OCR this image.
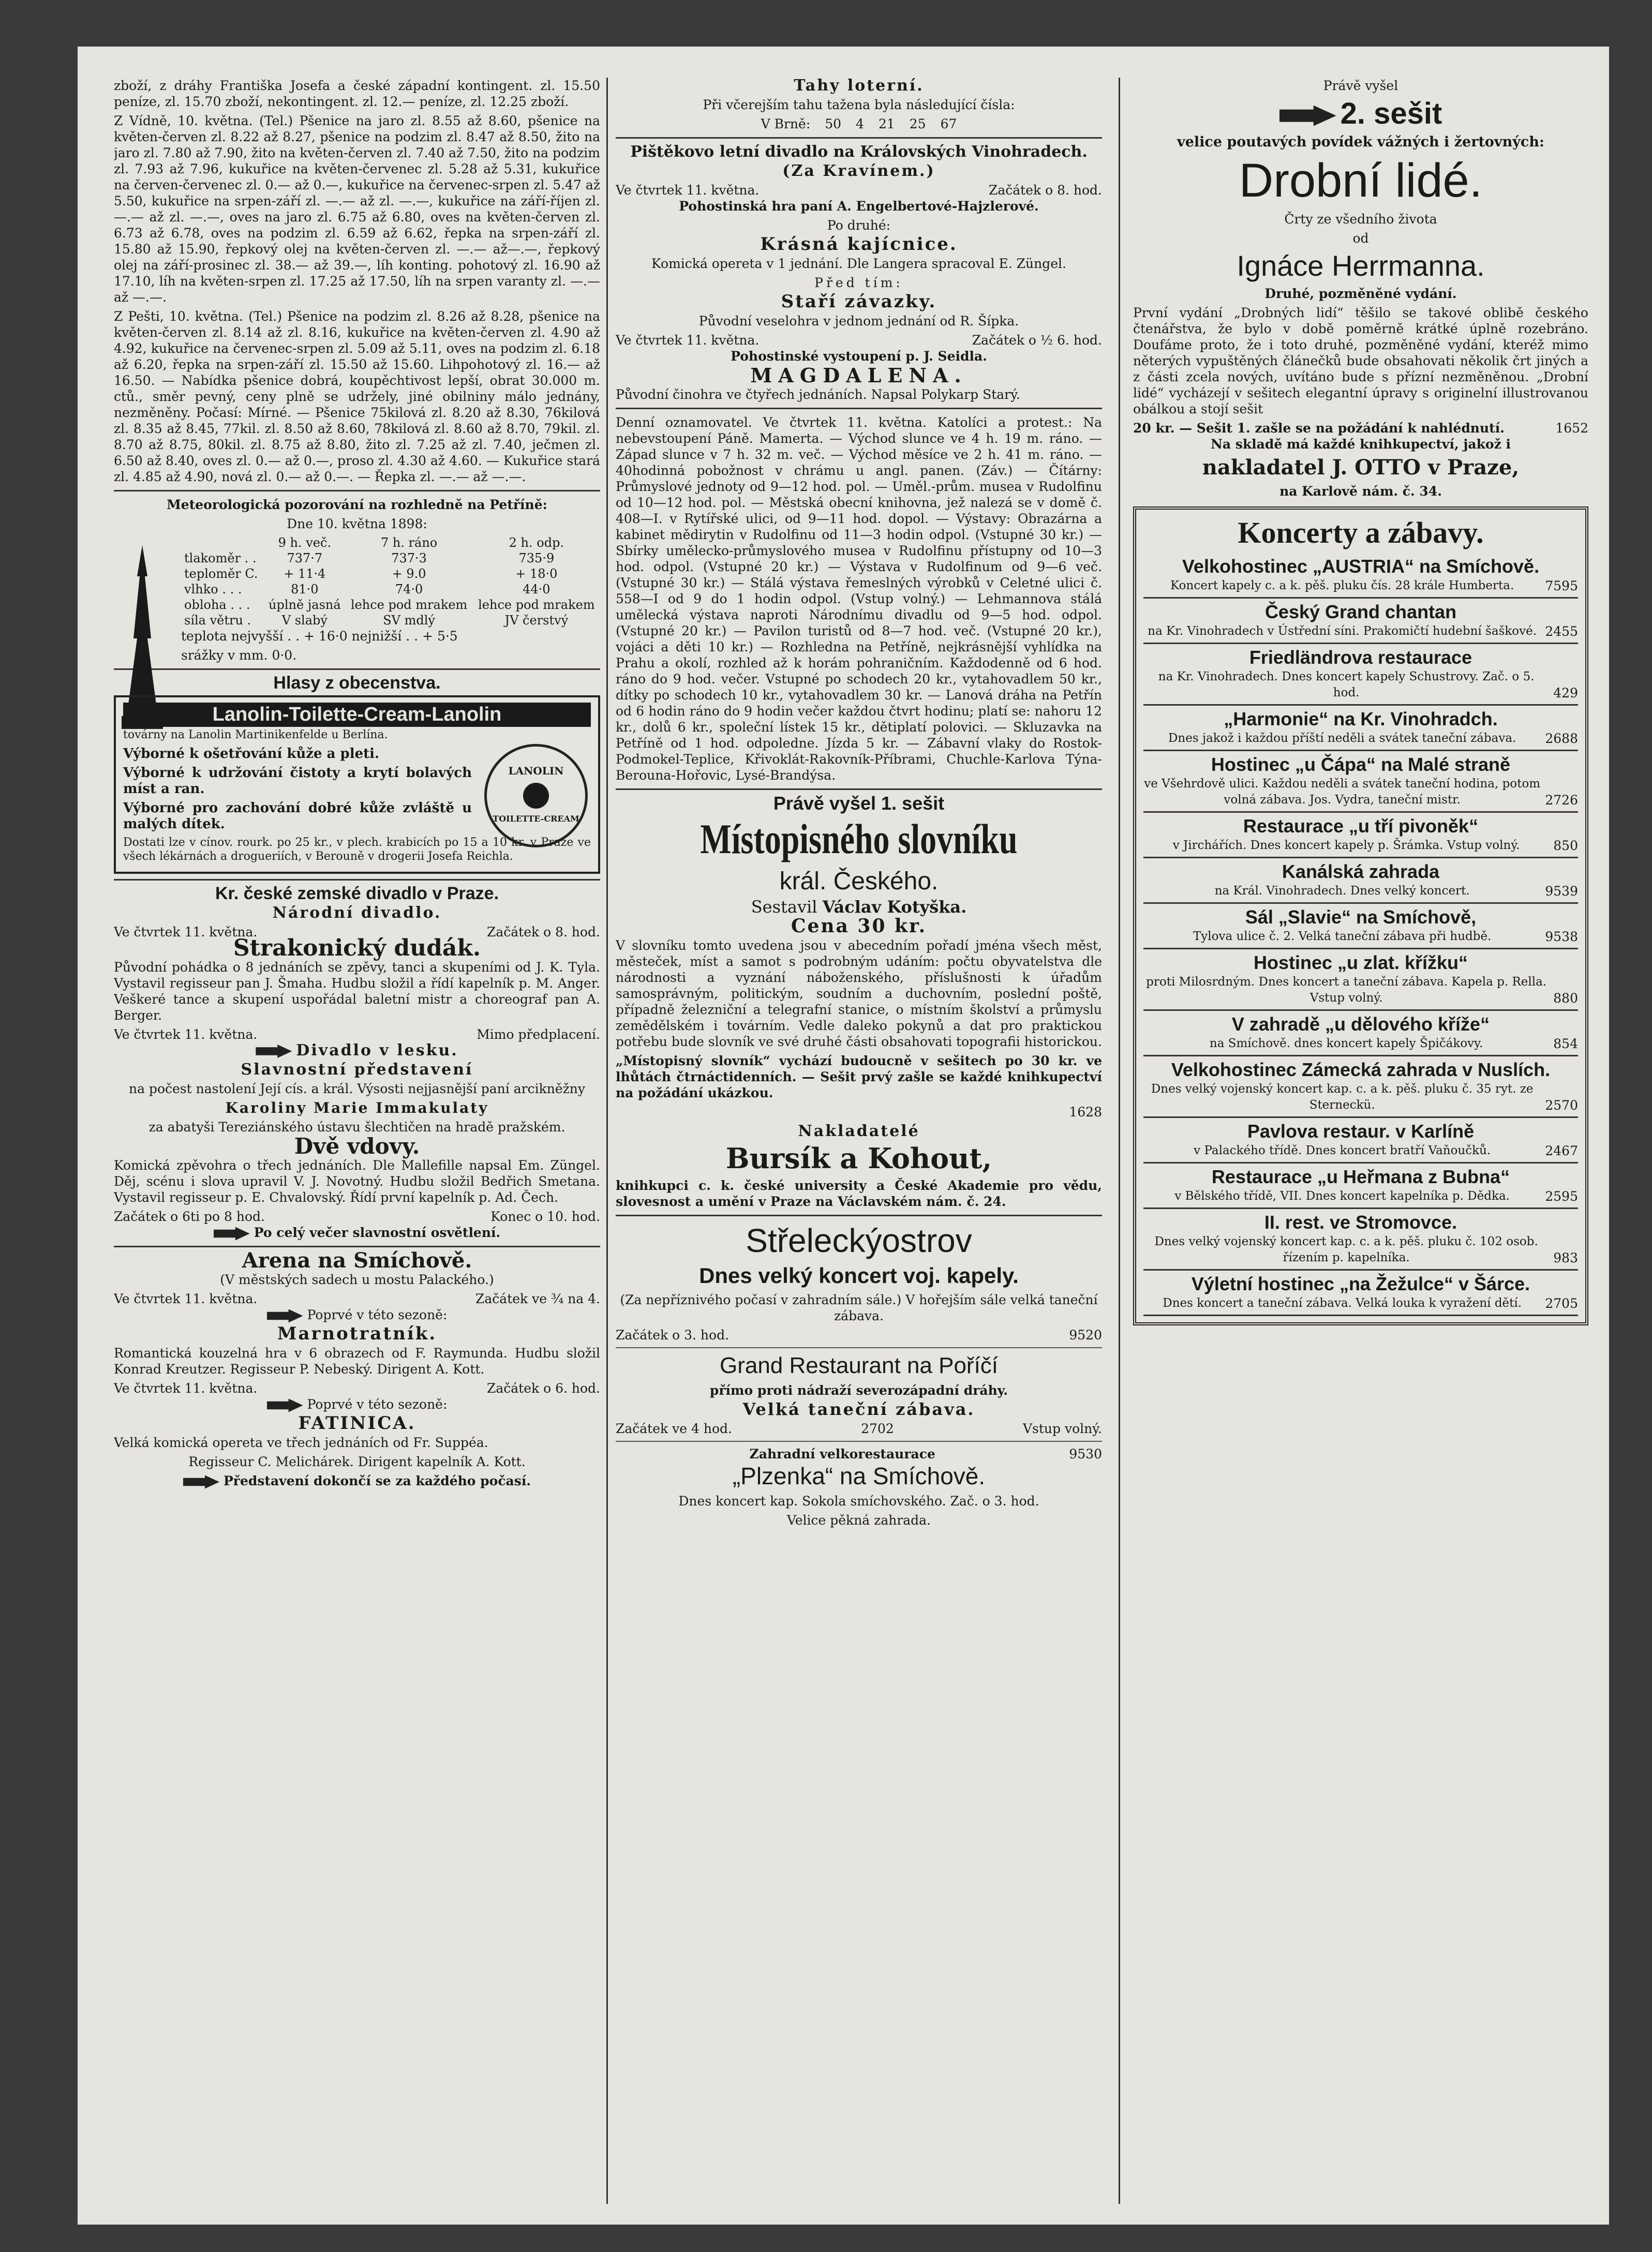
zboží, z dráhy Františka Josefa a české západní kontingent. zl. 15.50 peníze, zl. 15.70 zboží, nekontingent. zl. 12.— peníze, zl. 12.25 zboží.

Z Vídně, 10. května. (Tel.) Pšenice na jaro zl. 8.55 až 8.60, pšenice na květen-červen zl. 8.22 až 8.27, pšenice na podzim zl. 8.47 až 8.50, žito na jaro zl. 7.80 až 7.90, žito na květen-červen zl. 7.40 až 7.50, žito na podzim zl. 7.93 až 7.96, kukuřice na květen-červenec zl. 5.28 až 5.31, kukuřice na červen-červenec zl. 0.— až 0.—, kukuřice na červenec-srpen zl. 5.47 až 5.50, kukuřice na srpen-září zl. —.— až zl. —.—, kukuřice na září-říjen zl. —.— až zl. —.—, oves na jaro zl. 6.75 až 6.80, oves na květen-červen zl. 6.73 až 6.78, oves na podzim zl. 6.59 až 6.62, řepka na srpen-září zl. 15.80 až 15.90, řepkový olej na květen-červen zl. —.— až—.—, řepkový olej na září-prosinec zl. 38.— až 39.—, líh konting. pohotový zl. 16.90 až 17.10, líh na květen-srpen zl. 17.25 až 17.50, líh na srpen varanty zl. —.— až —.—.

Z Pešti, 10. května. (Tel.) Pšenice na podzim zl. 8.26 až 8.28, pšenice na květen-červen zl. 8.14 až zl. 8.16, kukuřice na květen-červen zl. 4.90 až 4.92, kukuřice na červenec-srpen zl. 5.09 až 5.11, oves na podzim zl. 6.18 až 6.20, řepka na srpen-září zl. 15.50 až 15.60. Lihpohotový zl. 16.— až 16.50. — Nabídka pšenice dobrá, koupěchtivost lepší, obrat 30.000 m. ctů., směr pevný, ceny plně se udržely, jiné obilniny málo jednány, nezměněny. Počasí: Mírné. — Pšenice 75kilová zl. 8.20 až 8.30, 76kilová zl. 8.35 až 8.45, 77kil. zl. 8.50 až 8.60, 78kilová zl. 8.60 až 8.70, 79kil. zl. 8.70 až 8.75, 80kil. zl. 8.75 až 8.80, žito zl. 7.25 až zl. 7.40, ječmen zl. 6.50 až 8.40, oves zl. 0.— až 0.—, proso zl. 4.30 až 4.60. — Kukuřice stará zl. 4.85 až 4.90, nová zl. 0.— až 0.—. — Řepka zl. —.— až —.—.

Meteorologická pozorování na rozhledně na Petříně:

Dne 10. května 1898:

	9 h. več.	7 h. ráno	2 h. odp.
tlakoměr . .	737·7	737·3	735·9
teploměr C.	+ 11·4	+ 9.0	+ 18·0
vlhko . . .	81·0	74·0	44·0
obloha . . .	úplně jasná	lehce pod mrakem	lehce pod mrakem
síla větru .	V slabý	SV mdlý	JV čerstvý

teplota nejvyšší . . + 16·0 nejnižší . . + 5·5

srážky v mm. 0·0.

Hlasy z obecenstva.

Lanolin-Toilette-Cream-Lanolin

továrny na Lanolin Martinikenfelde u Berlína.

Výborné k ošetřování kůže a pleti.

Výborné k udržování čistoty a krytí bolavých míst a ran.

Výborné pro zachování dobré kůže zvláště u malých dítek.

LANOLIN
TOILETTE-CREAM

Dostati lze v cínov. rourk. po 25 kr., v plech. krabicích po 15 a 10 kr. v Praze ve všech lékárnách a drogueriích, v Berouně v drogerii Josefa Reichla.

Kr. české zemské divadlo v Praze.

Národní divadlo.

Ve čtvrtek 11. května.	Začátek o 8. hod.

Strakonický dudák.

Původní pohádka o 8 jednáních se zpěvy, tanci a skupeními od J. K. Tyla. Vystavil regisseur pan J. Šmaha. Hudbu složil a řídí kapelník p. M. Anger. Veškeré tance a skupení uspořádal baletní mistr a choreograf pan A. Berger.

Ve čtvrtek 11. května.	Mimo předplacení.

Divadlo v lesku.

Slavnostní představení

na počest nastolení Její cís. a král. Výsosti nejjasnější paní arcikněžny

Karoliny Marie Immakulaty

za abatyši Tereziánského ústavu šlechtičen na hradě pražském.

Dvě vdovy.

Komická zpěvohra o třech jednáních. Dle Mallefille napsal Em. Züngel. Děj, scénu i slova upravil V. J. Novotný. Hudbu složil Bedřich Smetana. Vystavil regisseur p. E. Chvalovský. Řídí první kapelník p. Ad. Čech.

Začátek o 6ti po 8 hod.	Konec o 10. hod.

Po celý večer slavnostní osvětlení.

Arena na Smíchově.

(V městských sadech u mostu Palackého.)

Ve čtvrtek 11. května.	Začátek ve ¾ na 4.

Poprvé v této sezoně:

Marnotratník.

Romantická kouzelná hra v 6 obrazech od F. Raymunda. Hudbu složil Konrad Kreutzer. Regisseur P. Nebeský. Dirigent A. Kott.

Ve čtvrtek 11. května.	Začátek o 6. hod.

Poprvé v této sezoně:

FATINICA.

Velká komická opereta ve třech jednáních od Fr. Suppéa.

Regisseur C. Melichárek. Dirigent kapelník A. Kott.

Představení dokončí se za každého počasí.

Tahy loterní.

Při včerejším tahu tažena byla následující čísla:

V Brně: 50 4 21 25 67

Pištěkovo letní divadlo na Královských Vinohradech.

(Za Kravínem.)

Ve čtvrtek 11. května.	Začátek o 8. hod.

Pohostinská hra paní A. Engelbertové-Hajzlerové.

Po druhé:

Krásná kajícnice.

Komická opereta v 1 jednání. Dle Langera spracoval E. Züngel.

Před tím:

Staří závazky.

Původní veselohra v jednom jednání od R. Šípka.

Ve čtvrtek 11. května.	Začátek o ½ 6. hod.

Pohostinské vystoupení p. J. Seidla.

MAGDALENA.

Původní činohra ve čtyřech jednáních. Napsal Polykarp Starý.

Denní oznamovatel. Ve čtvrtek 11. května. Katolíci a protest.: Na nebevstoupení Páně. Mamerta. — Východ slunce ve 4 h. 19 m. ráno. — Západ slunce v 7 h. 32 m. več. — Východ měsíce ve 2 h. 41 m. ráno. — 40hodinná pobožnost v chrámu u angl. panen. (Záv.) — Čítárny: Průmyslové jednoty od 9—12 hod. pol. — Uměl.-prům. musea v Rudolfinu od 10—12 hod. pol. — Městská obecní knihovna, jež nalezá se v domě č. 408—I. v Rytířské ulici, od 9—11 hod. dopol. — Výstavy: Obrazárna a kabinet mědirytin v Rudolfinu od 11—3 hodin odpol. (Vstupné 30 kr.) — Sbírky umělecko-průmyslového musea v Rudolfinu přístupny od 10—3 hod. odpol. (Vstupné 20 kr.) — Výstava v Rudolfinum od 9—6 več. (Vstupné 30 kr.) — Stálá výstava řemeslných výrobků v Celetné ulici č. 558—I od 9 do 1 hodin odpol. (Vstup volný.) — Lehmannova stálá umělecká výstava naproti Národnímu divadlu od 9—5 hod. odpol. (Vstupné 20 kr.) — Pavilon turistů od 8—7 hod. več. (Vstupné 20 kr.), vojáci a děti 10 kr.) — Rozhledna na Petříně, nejkrásnější vyhlídka na Prahu a okolí, rozhled až k horám pohraničním. Každodenně od 6 hod. ráno do 9 hod. večer. Vstupné po schodech 20 kr., vytahovadlem 50 kr., dítky po schodech 10 kr., vytahovadlem 30 kr. — Lanová dráha na Petřín od 6 hodin ráno do 9 hodin večer každou čtvrt hodinu; platí se: nahoru 12 kr., dolů 6 kr., společní lístek 15 kr., dětiplatí polovici. — Skluzavka na Petříně od 1 hod. odpoledne. Jízda 5 kr. — Zábavní vlaky do Rostok-Podmokel-Teplice, Křivoklát-Rakovník-Příbrami, Chuchle-Karlova Týna-Berounа-Hořovic, Lysé-Brandýsa.

Právě vyšel 1. sešit

Místopisného slovníku

král. Českého.

Sestavil Václav Kotyška.

Cena 30 kr.

V slovníku tomto uvedena jsou v abecedním pořadí jména všech měst, městeček, míst a samot s podrobným udáním: počtu obyvatelstva dle národnosti a vyznání náboženského, příslušnosti k úřadům samosprávným, politickým, soudním a duchovním, poslední poště, případně železniční a telegrafní stanice, o místním školství a průmyslu zemědělském i továrním. Vedle daleko pokynů a dat pro praktickou potřebu bude slovník ve své druhé části obsahovati topografii historickou.

„Místopisný slovník“ vychází budoucně v sešitech po 30 kr. ve lhůtách čtrnáctidenních. — Sešit prvý zašle se každé knihkupectví na požádání ukázkou.

1628

Nakladatelé

Bursík a Kohout,

knihkupci c. k. české university a České Akademie pro vědu, slovesnost a umění v Praze na Václavském nám. č. 24.

Střeleckýostrov

Dnes velký koncert voj. kapely.

(Za nepříznivého počasí v zahradním sále.) V hořejším sále velká taneční zábava.

Začátek o 3. hod.	9520

Grand Restaurant na Poříčí

přímo proti nádraží severozápadní dráhy.

Velká taneční zábava.

Začátek ve 4 hod.	2702	Vstup volný.
Zahradní velkorestaurace	9530

„Plzenka“ na Smíchově.

Dnes koncert kap. Sokola smíchovského. Zač. o 3. hod.

Velice pěkná zahrada.

Právě vyšel

2. sešit

velice poutavých povídek vážných i žertovných:

Drobní lidé.

Črty ze všedního života

od

Ignáce Herrmanna.

Druhé, pozměněné vydání.

První vydání „Drobných lidí“ těšilo se takové oblibě českého čtenářstva, že bylo v době poměrně krátké úplně rozebráno. Doufáme proto, že i toto druhé, pozměněné vydání, kteréž mimo něterých vypuštěných článečků bude obsahovati několik črt jiných a z části zcela nových, uvítáno bude s přízní nezměněnou. „Drobní lidé“ vycházejí v sešitech elegantní úpravy s originelní illustrovanou obálkou a stojí sešit

20 kr. — Sešit 1. zašle se na požádání k nahlédnutí.	1652

Na skladě má každé knihkupectví, jakož i

nakladatel J. OTTO v Praze,

na Karlově nám. č. 34.

Koncerty a zábavy.

Velkohostinec „AUSTRIA“ na Smíchově.
Koncert kapely c. a k. pěš. pluku čís. 28 krále Humberta.	7595
Český Grand chantan
na Kr. Vinohradech v Ústřední síni. Prakomičtí hudební šaškové. 2455
Friedländrova restaurace
na Kr. Vinohradech. Dnes koncert kapely Schustrovy. Zač. o 5. hod.	429
„Harmonie“ na Kr. Vinohradch.
Dnes jakož i každou příští neděli a svátek taneční zábava.	2688
Hostinec „u Čápa“ na Malé straně
ve Všehrdově ulici. Každou neděli a svátek taneční hodina, potom volná zábava. Jos. Vydra, taneční mistr.	2726
Restaurace „u tří pivoněk“
v Jirchářích. Dnes koncert kapely p. Šrámka. Vstup volný.	850
Kanálská zahrada
na Král. Vinohradech. Dnes velký koncert.	9539
Sál „Slavie“ na Smíchově,
Tylova ulice č. 2. Velká taneční zábava při hudbě.	9538
Hostinec „u zlat. křížku“
proti Milosrdným. Dnes koncert a taneční zábava. Kapela p. Rella. Vstup volný.	880
V zahradě „u dělového kříže“
na Smíchově. dnes koncert kapely Špičákovy.	854
Velkohostinec Zámecká zahrada v Nuslích.
Dnes velký vojenský koncert kap. c. a k. pěš. pluku č. 35 ryt. ze Sterneckü.	2570
Pavlova restaur. v Karlíně
v Palackého třídě. Dnes koncert bratří Vaňoučků.	2467
Restaurace „u Heřmana z Bubna“
v Bělského třídě, VII. Dnes koncert kapelníka p. Dědka.	2595
II. rest. ve Stromovce.
Dnes velký vojenský koncert kap. c. a k. pěš. pluku č. 102 osob. řízením p. kapelníka.	983
Výletní hostinec „na Žežulce“ v Šárce.
Dnes koncert a taneční zábava. Velká louka k vyražení dětí.	2705
